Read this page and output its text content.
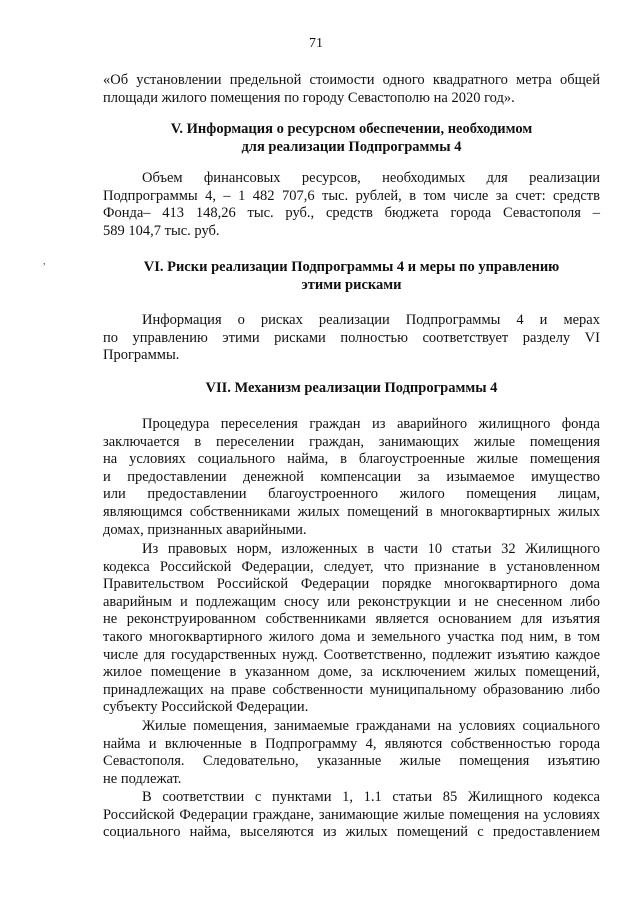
71
«Об установлении предельной стоимости одного квадратного метра общей
площади жилого помещения по городу Севастополю на 2020 год».
V. Информация о ресурсном обеспечении, необходимом
для реализации Подпрограммы 4
Объем финансовых ресурсов, необходимых для реализации
Подпрограммы 4, – 1 482 707,6 тыс. рублей, в том числе за счет: средств
Фонда– 413 148,26 тыс. руб., средств бюджета города Севастополя –
589 104,7 тыс. руб.
,	VI. Риски реализации Подпрограммы 4 и меры по управлению
этими рисками
Информация о рисках реализации Подпрограммы 4 и мерах
по управлению этими рисками полностью соответствует разделу VI
Программы.
VII. Механизм реализации Подпрограммы 4
Процедура переселения граждан из аварийного жилищного фонда
заключается в переселении граждан, занимающих жилые помещения
на условиях социального найма, в благоустроенные жилые помещения
и предоставлении денежной компенсации за изымаемое имущество
или предоставлении благоустроенного жилого помещения лицам,
являющимся собственниками жилых помещений в многоквартирных жилых
домах, признанных аварийными.
Из правовых норм, изложенных в части 10 статьи 32 Жилищного
кодекса Российской Федерации, следует, что признание в установленном
Правительством Российской Федерации порядке многоквартирного дома
аварийным и подлежащим сносу или реконструкции и не снесенном либо
не реконструированном собственниками является основанием для изъятия
такого многоквартирного жилого дома и земельного участка под ним, в том
числе для государственных нужд. Соответственно, подлежит изъятию каждое
жилое помещение в указанном доме, за исключением жилых помещений,
принадлежащих на праве собственности муниципальному образованию либо
субъекту Российской Федерации.
Жилые помещения, занимаемые гражданами на условиях социального
найма и включенные в Подпрограмму 4, являются собственностью города
Севастополя. Следовательно, указанные жилые помещения изъятию
не подлежат.
В соответствии с пунктами 1, 1.1 статьи 85 Жилищного кодекса
Российской Федерации граждане, занимающие жилые помещения на условиях
социального найма, выселяются из жилых помещений с предоставлением
